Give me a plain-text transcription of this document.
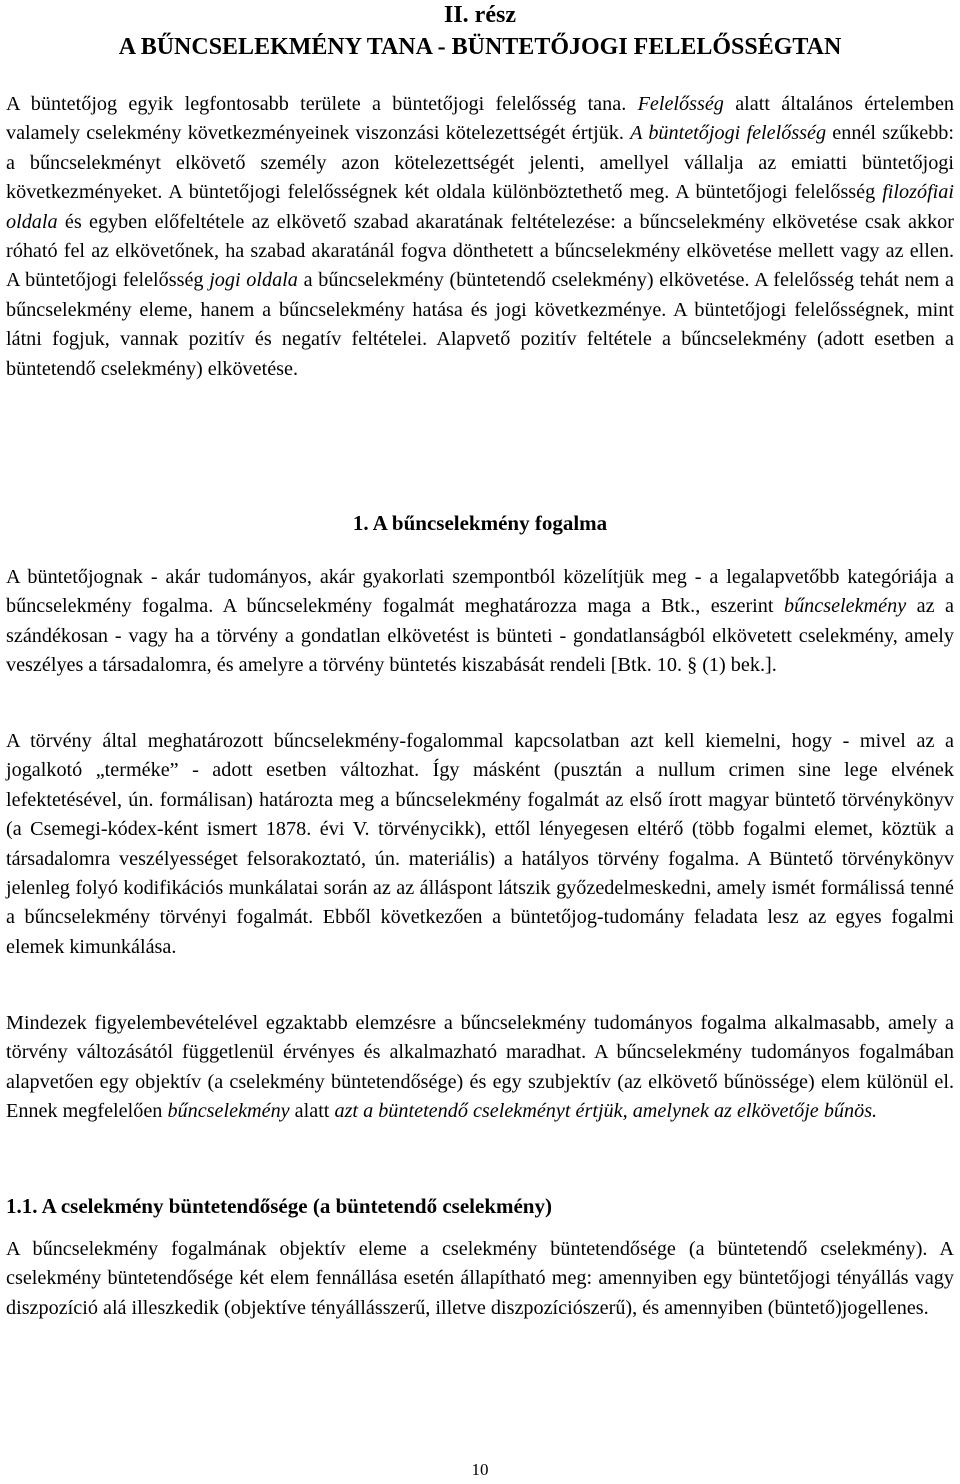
II. rész
A BŰNCSELEKMÉNY TANA - BÜNTETŐJOGI FELELŐSSÉGTAN

A büntetőjog egyik legfontosabb területe a büntetőjogi felelősség tana. Felelősség alatt általános értelemben valamely cselekmény következményeinek viszonzási kötelezettségét értjük. A büntetőjogi felelősség ennél szűkebb: a bűncselekményt elkövető személy azon kötelezettségét jelenti, amellyel vállalja az emiatti büntetőjogi következményeket. A büntetőjogi felelősségnek két oldala különböztethető meg. A büntetőjogi felelősség filozófiai oldala és egyben előfeltétele az elkövető szabad akaratának feltételezése: a bűncselekmény elkövetése csak akkor róható fel az elkövetőnek, ha szabad akaratánál fogva dönthetett a bűncselekmény elkövetése mellett vagy az ellen. A büntetőjogi felelősség jogi oldala a bűncselekmény (büntetendő cselekmény) elkövetése. A felelősség tehát nem a bűncselekmény eleme, hanem a bűncselekmény hatása és jogi következménye. A büntetőjogi felelősségnek, mint látni fogjuk, vannak pozitív és negatív feltételei. Alapvető pozitív feltétele a bűncselekmény (adott esetben a büntetendő cselekmény) elkövetése.

1. A bűncselekmény fogalma

A büntetőjognak - akár tudományos, akár gyakorlati szempontból közelítjük meg - a legalapvetőbb kategóriája a bűncselekmény fogalma. A bűncselekmény fogalmát meghatározza maga a Btk., eszerint bűncselekmény az a szándékosan - vagy ha a törvény a gondatlan elkövetést is bünteti - gondatlanságból elkövetett cselekmény, amely veszélyes a társadalomra, és amelyre a törvény büntetés kiszabását rendeli [Btk. 10. § (1) bek.].

A törvény által meghatározott bűncselekmény-fogalommal kapcsolatban azt kell kiemelni, hogy - mivel az a jogalkotó „terméke” - adott esetben változhat. Így másként (pusztán a nullum crimen sine lege elvének lefektetésével, ún. formálisan) határozta meg a bűncselekmény fogalmát az első írott magyar büntető törvénykönyv (a Csemegi-kódex-ként ismert 1878. évi V. törvénycikk), ettől lényegesen eltérő (több fogalmi elemet, köztük a társadalomra veszélyességet felsorakoztató, ún. materiális) a hatályos törvény fogalma. A Büntető törvénykönyv jelenleg folyó kodifikációs munkálatai során az az álláspont látszik győzedelmeskedni, amely ismét formálissá tenné a bűncselekmény törvényi fogalmát. Ebből következően a büntetőjog-tudomány feladata lesz az egyes fogalmi elemek kimunkálása.

Mindezek figyelembevételével egzaktabb elemzésre a bűncselekmény tudományos fogalma alkalmasabb, amely a törvény változásától függetlenül érvényes és alkalmazható maradhat. A bűncselekmény tudományos fogalmában alapvetően egy objektív (a cselekmény büntetendősége) és egy szubjektív (az elkövető bűnössége) elem különül el. Ennek megfelelően bűncselekmény alatt azt a büntetendő cselekményt értjük, amelynek az elkövetője bűnös.

1.1. A cselekmény büntetendősége (a büntetendő cselekmény)

A bűncselekmény fogalmának objektív eleme a cselekmény büntetendősége (a büntetendő cselekmény). A cselekmény büntetendősége két elem fennállása esetén állapítható meg: amennyiben egy büntetőjogi tényállás vagy diszpozíció alá illeszkedik (objektíve tényállásszerű, illetve diszpozíciószerű), és amennyiben (büntető)jogellenes.

10
